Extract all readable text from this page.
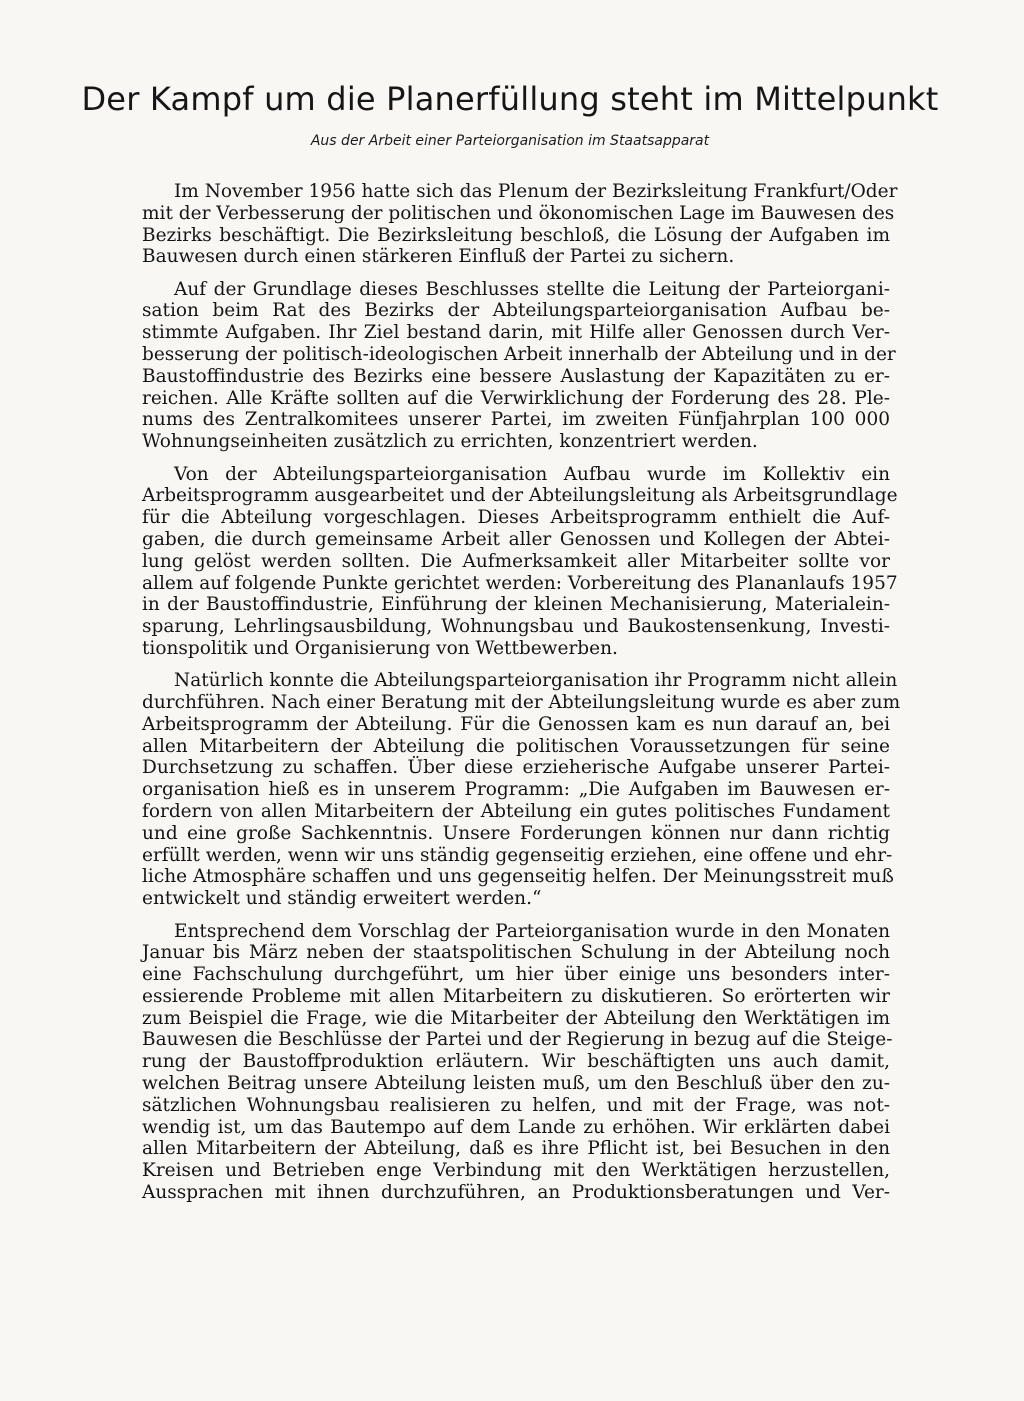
Der Kampf um die Planerfüllung steht im Mittelpunkt
Aus der Arbeit einer Parteiorganisation im Staatsapparat
Im November 1956 hatte sich das Plenum der Bezirksleitung Frankfurt/Oder
mit der Verbesserung der politischen und ökonomischen Lage im Bauwesen des
Bezirks beschäftigt. Die Bezirksleitung beschloß, die Lösung der Aufgaben im
Bauwesen durch einen stärkeren Einfluß der Partei zu sichern.
Auf der Grundlage dieses Beschlusses stellte die Leitung der Parteiorgani-
sation beim Rat des Bezirks der Abteilungsparteiorganisation Aufbau be-
stimmte Aufgaben. Ihr Ziel bestand darin, mit Hilfe aller Genossen durch Ver-
besserung der politisch-ideologischen Arbeit innerhalb der Abteilung und in der
Baustoffindustrie des Bezirks eine bessere Auslastung der Kapazitäten zu er-
reichen. Alle Kräfte sollten auf die Verwirklichung der Forderung des 28. Ple-
nums des Zentralkomitees unserer Partei, im zweiten Fünfjahrplan 100 000
Wohnungseinheiten zusätzlich zu errichten, konzentriert werden.
Von der Abteilungsparteiorganisation Aufbau wurde im Kollektiv ein
Arbeitsprogramm ausgearbeitet und der Abteilungsleitung als Arbeitsgrundlage
für die Abteilung vorgeschlagen. Dieses Arbeitsprogramm enthielt die Auf-
gaben, die durch gemeinsame Arbeit aller Genossen und Kollegen der Abtei-
lung gelöst werden sollten. Die Aufmerksamkeit aller Mitarbeiter sollte vor
allem auf folgende Punkte gerichtet werden: Vorbereitung des Plananlaufs 1957
in der Baustoffindustrie, Einführung der kleinen Mechanisierung, Materialein-
sparung, Lehrlingsausbildung, Wohnungsbau und Baukostensenkung, Investi-
tionspolitik und Organisierung von Wettbewerben.
Natürlich konnte die Abteilungsparteiorganisation ihr Programm nicht allein
durchführen. Nach einer Beratung mit der Abteilungsleitung wurde es aber zum
Arbeitsprogramm der Abteilung. Für die Genossen kam es nun darauf an, bei
allen Mitarbeitern der Abteilung die politischen Voraussetzungen für seine
Durchsetzung zu schaffen. Über diese erzieherische Aufgabe unserer Partei-
organisation hieß es in unserem Programm: „Die Aufgaben im Bauwesen er-
fordern von allen Mitarbeitern der Abteilung ein gutes politisches Fundament
und eine große Sachkenntnis. Unsere Forderungen können nur dann richtig
erfüllt werden, wenn wir uns ständig gegenseitig erziehen, eine offene und ehr-
liche Atmosphäre schaffen und uns gegenseitig helfen. Der Meinungsstreit muß
entwickelt und ständig erweitert werden.“
Entsprechend dem Vorschlag der Parteiorganisation wurde in den Monaten
Januar bis März neben der staatspolitischen Schulung in der Abteilung noch
eine Fachschulung durchgeführt, um hier über einige uns besonders inter-
essierende Probleme mit allen Mitarbeitern zu diskutieren. So erörterten wir
zum Beispiel die Frage, wie die Mitarbeiter der Abteilung den Werktätigen im
Bauwesen die Beschlüsse der Partei und der Regierung in bezug auf die Steige-
rung der Baustoffproduktion erläutern. Wir beschäftigten uns auch damit,
welchen Beitrag unsere Abteilung leisten muß, um den Beschluß über den zu-
sätzlichen Wohnungsbau realisieren zu helfen, und mit der Frage, was not-
wendig ist, um das Bautempo auf dem Lande zu erhöhen. Wir erklärten dabei
allen Mitarbeitern der Abteilung, daß es ihre Pflicht ist, bei Besuchen in den
Kreisen und Betrieben enge Verbindung mit den Werktätigen herzustellen,
Aussprachen mit ihnen durchzuführen, an Produktionsberatungen und Ver-
